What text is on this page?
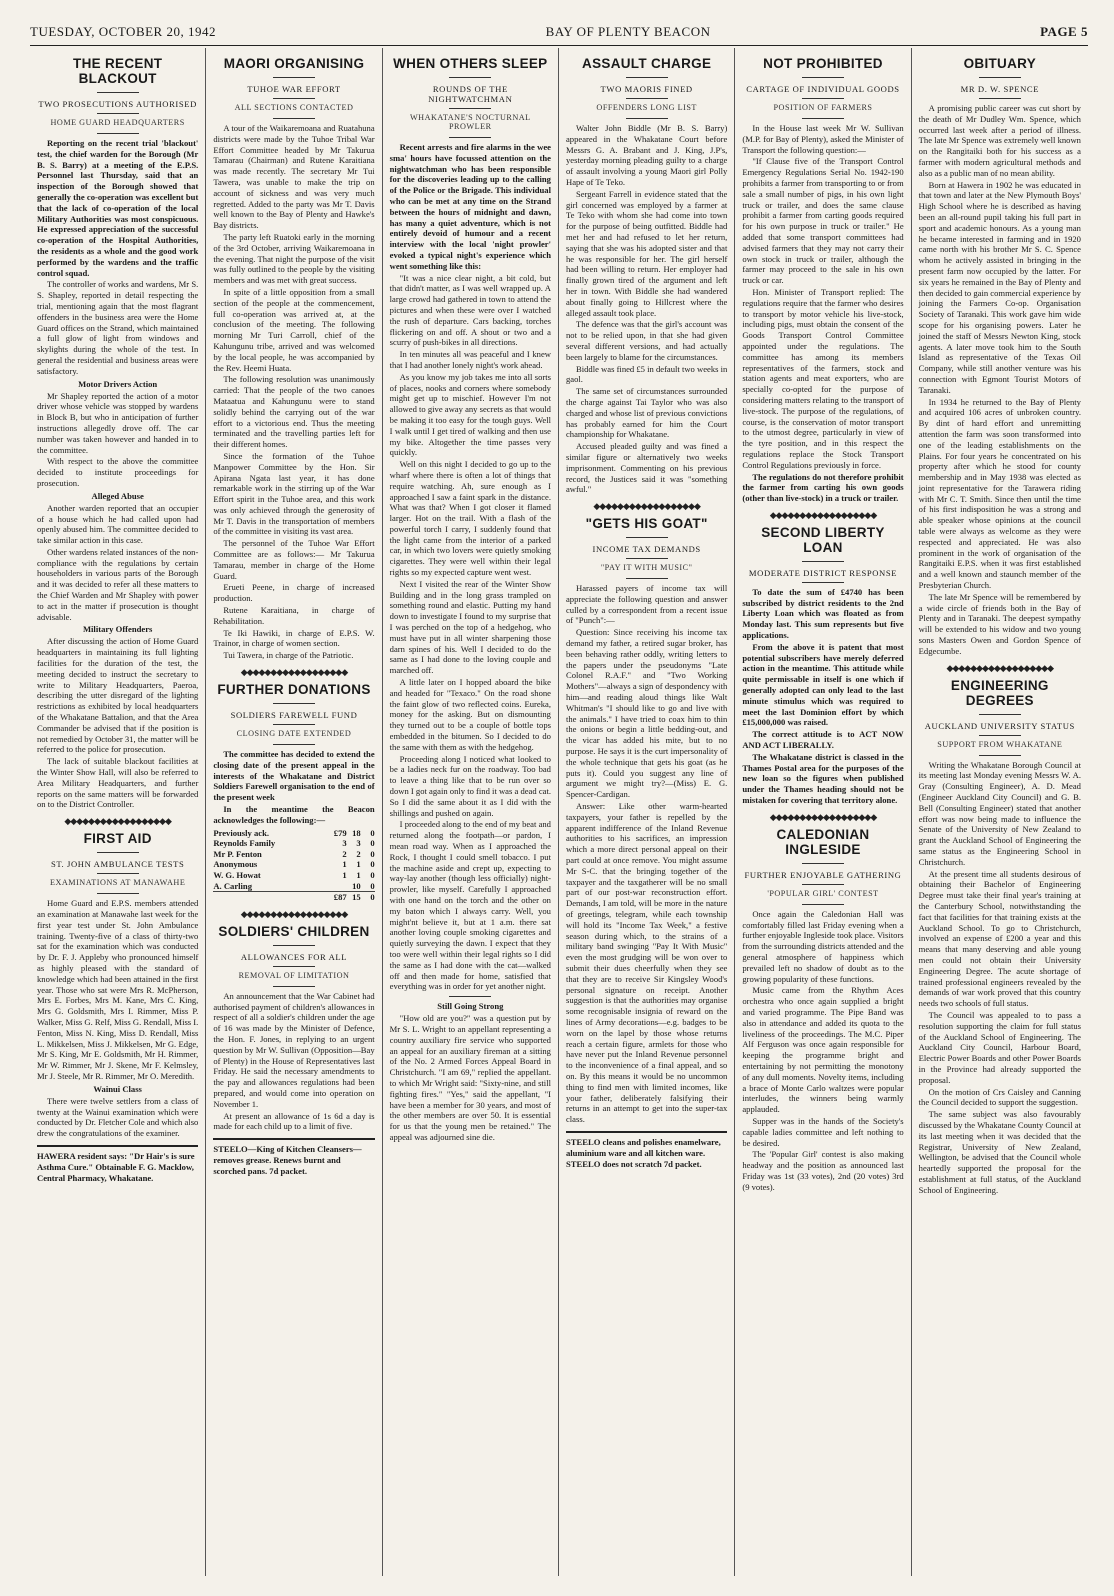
TUESDAY, OCTOBER 20, 1942	BAY OF PLENTY BEACON	PAGE 5
THE RECENT BLACKOUT
TWO PROSECUTIONS AUTHORISED
HOME GUARD HEADQUARTERS

Reporting on the recent trial 'blackout' test, the chief warden for the Borough (Mr B. S. Barry) at a meeting of the E.P.S. Personnel last Thursday, said that an inspection of the Borough showed that generally the co-operation was excellent but that the lack of co-operation of the local Military Authorities was most conspicuous. He expressed appreciation of the successful co-operation of the Hospital Authorities, the residents as a whole and the good work performed by the wardens and the traffic control squad.

The controller of works and wardens, Mr S. S. Shapley, reported in detail respecting the trial, mentioning again that the most flagrant offenders in the business area were the Home Guard offices on the Strand, which maintained a full glow of light from windows and skylights during the whole of the test. In general the residential and business areas were satisfactory.

Motor Drivers Action

Mr Shapley reported the action of a motor driver whose vehicle was stopped by wardens in Block B, but who in anticipation of further instructions allegedly drove off. The car number was taken however and handed in to the committee.

With respect to the above the committee decided to institute proceedings for prosecution.

Alleged Abuse

Another warden reported that an occupier of a house which he had called upon had openly abused him. The committee decided to take similar action in this case.

Other wardens related instances of the non-compliance with the regulations by certain householders in various parts of the Borough and it was decided to refer all these matters to the Chief Warden and Mr Shapley with power to act in the matter if prosecution is thought advisable.

Military Offenders

After discussing the action of Home Guard headquarters in maintaining its full lighting facilities for the duration of the test, the meeting decided to instruct the secretary to write to Military Headquarters, Paeroa, describing the utter disregard of the lighting restrictions as exhibited by local headquarters of the Whakatane Battalion, and that the Area Commander be advised that if the position is not remedied by October 31, the matter will be referred to the police for prosecution.

The lack of suitable blackout facilities at the Winter Show Hall, will also be referred to Area Military Headquarters, and further reports on the same matters will be forwarded on to the District Controller.

◆◆◆◆◆◆◆◆◆◆◆◆◆◆◆◆◆◆
FIRST AID
ST. JOHN AMBULANCE TESTS
EXAMINATIONS AT MANAWAHE

Home Guard and E.P.S. members attended an examination at Manawahe last week for the first year test under St. John Ambulance training. Twenty-five of a class of thirty-two sat for the examination which was conducted by Dr. F. J. Appleby who pronounced himself as highly pleased with the standard of knowledge which had been attained in the first year. Those who sat were Mrs R. McPherson, Mrs E. Forbes, Mrs M. Kane, Mrs C. King, Mrs G. Goldsmith, Mrs I. Rimmer, Miss P. Walker, Miss G. Relf, Miss G. Rendall, Miss I. Fenton, Miss N. King, Miss D. Rendall, Miss L. Mikkelsen, Miss J. Mikkelsen, Mr G. Edge, Mr S. King, Mr E. Goldsmith, Mr H. Rimmer, Mr W. Rimmer, Mr J. Skene, Mr F. Kelmsley, Mr J. Steele, Mr R. Rimmer, Mr O. Meredith.

Wainui Class

There were twelve settlers from a class of twenty at the Wainui examination which were conducted by Dr. Fletcher Cole and which also drew the congratulations of the examiner.

HAWERA resident says: "Dr Hair's is sure Asthma Cure." Obtainable F. G. Macklow, Central Pharmacy, Whakatane.
MAORI ORGANISING
TUHOE WAR EFFORT
ALL SECTIONS CONTACTED

A tour of the Waikaremoana and Ruatahuna districts were made by the Tuhoe Tribal War Effort Committee headed by Mr Takurua Tamarau (Chairman) and Rutene Karaitiana was made recently. The secretary Mr Tui Tawera, was unable to make the trip on account of sickness and was very much regretted. Added to the party was Mr T. Davis well known to the Bay of Plenty and Hawke's Bay districts.

The party left Ruatoki early in the morning of the 3rd October, arriving Waikaremoana in the evening. That night the purpose of the visit was fully outlined to the people by the visiting members and was met with great success.

In spite of a little opposition from a small section of the people at the commencement, full co-operation was arrived at, at the conclusion of the meeting. The following morning Mr Turi Carroll, chief of the Kahungunu tribe, arrived and was welcomed by the local people, he was accompanied by the Rev. Heemi Huata.

The following resolution was unanimously carried: That the people of the two canoes Mataatua and Kahungunu were to stand solidly behind the carrying out of the war effort to a victorious end. Thus the meeting terminated and the travelling parties left for their different homes.

Since the formation of the Tuhoe Manpower Committee by the Hon. Sir Apirana Ngata last year, it has done remarkable work in the stirring up of the War Effort spirit in the Tuhoe area, and this work was only achieved through the generosity of Mr T. Davis in the transportation of members of the committee in visiting its vast area.

The personnel of the Tuhoe War Effort Committee are as follows:— Mr Takurua Tamarau, member in charge of the Home Guard.

Erueti Peene, in charge of increased production.

Rutene Karaitiana, in charge of Rehabilitation.

Te Iki Hawiki, in charge of E.P.S. W. Trainor, in charge of women section.

Tui Tawera, in charge of the Patriotic.

◆◆◆◆◆◆◆◆◆◆◆◆◆◆◆◆◆◆
FURTHER DONATIONS
SOLDIERS FAREWELL FUND
CLOSING DATE EXTENDED

The committee has decided to extend the closing date of the present appeal in the interests of the Whakatane and District Soldiers Farewell organisation to the end of the present week

In the meantime the Beacon acknowledges the following:—

Previously ack.	£79	18	0
Reynolds Family	3	3	0
Mr P. Fenton	2	2	0
Anonymous	1	1	0
W. G. Howat	1	1	0
A. Carling		10	0
	£87	15	0
◆◆◆◆◆◆◆◆◆◆◆◆◆◆◆◆◆◆
SOLDIERS' CHILDREN
ALLOWANCES FOR ALL
REMOVAL OF LIMITATION

An announcement that the War Cabinet had authorised payment of children's allowances in respect of all a soldier's children under the age of 16 was made by the Minister of Defence, the Hon. F. Jones, in replying to an urgent question by Mr W. Sullivan (Opposition—Bay of Plenty) in the House of Representatives last Friday. He said the necessary amendments to the pay and allowances regulations had been prepared, and would come into operation on November 1.

At present an allowance of 1s 6d a day is made for each child up to a limit of five.

STEELO—King of Kitchen Cleansers—removes grease. Renews burnt and scorched pans. 7d packet.
WHEN OTHERS SLEEP
ROUNDS OF THE NIGHTWATCHMAN
WHAKATANE'S NOCTURNAL PROWLER

Recent arrests and fire alarms in the wee sma' hours have focussed attention on the nightwatchman who has been responsible for the discoveries leading up to the calling of the Police or the Brigade. This individual who can be met at any time on the Strand between the hours of midnight and dawn, has many a quiet adventure, which is not entirely devoid of humour and a recent interview with the local 'night prowler' evoked a typical night's experience which went something like this:

"It was a nice clear night, a bit cold, but that didn't matter, as I was well wrapped up. A large crowd had gathered in town to attend the pictures and when these were over I watched the rush of departure. Cars backing, torches flickering on and off. A shout or two and a scurry of push-bikes in all directions.

In ten minutes all was peaceful and I knew that I had another lonely night's work ahead.

As you know my job takes me into all sorts of places, nooks and corners where somebody might get up to mischief. However I'm not allowed to give away any secrets as that would be making it too easy for the tough guys. Well I walk until I get tired of walking and then use my bike. Altogether the time passes very quickly.

Well on this night I decided to go up to the wharf where there is often a lot of things that require watching. Ah, sure enough as I approached I saw a faint spark in the distance. What was that? When I got closer it flamed larger. Hot on the trail. With a flash of the powerful torch I carry, I suddenly found that the light came from the interior of a parked car, in which two lovers were quietly smoking cigarettes. They were well within their legal rights so my expected capture went west.

Next I visited the rear of the Winter Show Building and in the long grass trampled on something round and elastic. Putting my hand down to investigate I found to my surprise that I was perched on the top of a hedgehog, who must have put in all winter sharpening those darn spines of his. Well I decided to do the same as I had done to the loving couple and marched off.

A little later on I hopped aboard the bike and headed for "Texaco." On the road shone the faint glow of two reflected coins. Eureka, money for the asking. But on dismounting they turned out to be a couple of bottle tops embedded in the bitumen. So I decided to do the same with them as with the hedgehog.

Proceeding along I noticed what looked to be a ladies neck fur on the roadway. Too bad to leave a thing like that to be run over so down I got again only to find it was a dead cat. So I did the same about it as I did with the shillings and pushed on again.

I proceeded along to the end of my beat and returned along the footpath—or pardon, I mean road way. When as I approached the Rock, I thought I could smell tobacco. I put the machine aside and crept up, expecting to way-lay another (though less officially) night-prowler, like myself. Carefully I approached with one hand on the torch and the other on my baton which I always carry. Well, you might'nt believe it, but at 1 a.m. there sat another loving couple smoking cigarettes and quietly surveying the dawn. I expect that they too were well within their legal rights so I did the same as I had done with the cat—walked off and then made for home, satisfied that everything was in order for yet another night.

Still Going Strong

"How old are you?" was a question put by Mr S. L. Wright to an appellant representing a country auxiliary fire service who supported an appeal for an auxiliary fireman at a sitting of the No. 2 Armed Forces Appeal Board in Christchurch. "I am 69," replied the appellant. to which Mr Wright said: "Sixty-nine, and still fighting fires." "Yes," said the appellant, "I have been a member for 30 years, and most of the other members are over 50. It is essential for us that the young men be retained." The appeal was adjourned sine die.

ASSAULT CHARGE
TWO MAORIS FINED
OFFENDERS LONG LIST

Walter John Biddle (Mr B. S. Barry) appeared in the Whakatane Court before Messrs G. A. Brabant and J. King, J.P's, yesterday morning pleading guilty to a charge of assault involving a young Maori girl Polly Hape of Te Teko.

Sergeant Farrell in evidence stated that the girl concerned was employed by a farmer at Te Teko with whom she had come into town for the purpose of being outfitted. Biddle had met her and had refused to let her return, saying that she was his adopted sister and that he was responsible for her. The girl herself had been willing to return. Her employer had finally grown tired of the argument and left her in town. With Biddle she had wandered about finally going to Hillcrest where the alleged assault took place.

The defence was that the girl's account was not to be relied upon, in that she had given several different versions, and had actually been largely to blame for the circumstances.

Biddle was fined £5 in default two weeks in gaol.

The same set of circumstances surrounded the charge against Tai Taylor who was also charged and whose list of previous convictions has probably earned for him the Court championship for Whakatane.

Accused pleaded guilty and was fined a similar figure or alternatively two weeks imprisonment. Commenting on his previous record, the Justices said it was "something awful."

◆◆◆◆◆◆◆◆◆◆◆◆◆◆◆◆◆◆
"GETS HIS GOAT"
INCOME TAX DEMANDS
"PAY IT WITH MUSIC"

Harassed payers of income tax will appreciate the following question and answer culled by a correspondent from a recent issue of "Punch":—

Question: Since receiving his income tax demand my father, a retired sugar broker, has been behaving rather oddly, writing letters to the papers under the pseudonyms "Late Colonel R.A.F." and "Two Working Mothers"—always a sign of despondency with him—and reading aloud things like Walt Whitman's "I should like to go and live with the animals." I have tried to coax him to thin the onions or begin a little bedding-out, and the vicar has added his mite, but to no purpose. He says it is the curt impersonality of the whole technique that gets his goat (as he puts it). Could you suggest any line of argument we might try?—(Miss) E. G. Spencer-Cardigan.

Answer: Like other warm-hearted taxpayers, your father is repelled by the apparent indifference of the Inland Revenue authorities to his sacrifices, an impression which a more direct personal appeal on their part could at once remove. You might assume Mr S-C. that the bringing together of the taxpayer and the taxgatherer will be no small part of our post-war reconstruction effort. Demands, I am told, will be more in the nature of greetings, telegram, while each township will hold its "Income Tax Week," a festive season during which, to the strains of a military band swinging "Pay It With Music" even the most grudging will be won over to submit their dues cheerfully when they see that they are to receive Sir Kingsley Wood's personal signature on receipt. Another suggestion is that the authorities may organise some recognisable insignia of reward on the lines of Army decorations—e.g. badges to be worn on the lapel by those whose returns reach a certain figure, armlets for those who have never put the Inland Revenue personnel to the inconvenience of a final appeal, and so on. By this means it would be no uncommon thing to find men with limited incomes, like your father, deliberately falsifying their returns in an attempt to get into the super-tax class.

STEELO cleans and polishes enamelware, aluminium ware and all kitchen ware. STEELO does not scratch 7d packet.
NOT PROHIBITED
CARTAGE OF INDIVIDUAL GOODS
POSITION OF FARMERS

In the House last week Mr W. Sullivan (M.P. for Bay of Plenty), asked the Minister of Transport the following question:—

"If Clause five of the Transport Control Emergency Regulations Serial No. 1942-190 prohibits a farmer from transporting to or from sale a small number of pigs, in his own light truck or trailer, and does the same clause prohibit a farmer from carting goods required for his own purpose in truck or trailer." He added that some transport committees had advised farmers that they may not carry their own stock in truck or trailer, although the farmer may proceed to the sale in his own truck or car.

Hon. Minister of Transport replied: The regulations require that the farmer who desires to transport by motor vehicle his live-stock, including pigs, must obtain the consent of the Goods Transport Control Committee appointed under the regulations. The committee has among its members representatives of the farmers, stock and station agents and meat exporters, who are specially co-opted for the purpose of considering matters relating to the transport of live-stock. The purpose of the regulations, of course, is the conservation of motor transport to the utmost degree, particularly in view of the tyre position, and in this respect the regulations replace the Stock Transport Control Regulations previously in force.

The regulations do not therefore prohibit the farmer from carting his own goods (other than live-stock) in a truck or trailer.

◆◆◆◆◆◆◆◆◆◆◆◆◆◆◆◆◆◆
SECOND LIBERTY LOAN
MODERATE DISTRICT RESPONSE

To date the sum of £4740 has been subscribed by district residents to the 2nd Liberty Loan which was floated as from Monday last. This sum represents but five applications.

From the above it is patent that most potential subscribers have merely deferred action in the meantime. This attitude while quite permissable in itself is one which if generally adopted can only lead to the last minute stimulus which was required to meet the last Dominion effort by which £15,000,000 was raised.

The correct attitude is to ACT NOW AND ACT LIBERALLY.

The Whakatane district is classed in the Thames Postal area for the purposes of the new loan so the figures when published under the Thames heading should not be mistaken for covering that territory alone.

◆◆◆◆◆◆◆◆◆◆◆◆◆◆◆◆◆◆
CALEDONIAN INGLESIDE
FURTHER ENJOYABLE GATHERING
'POPULAR GIRL' CONTEST

Once again the Caledonian Hall was comfortably filled last Friday evening when a further enjoyable Ingleside took place. Visitors from the surrounding districts attended and the general atmosphere of happiness which prevailed left no shadow of doubt as to the growing popularity of these functions.

Music came from the Rhythm Aces orchestra who once again supplied a bright and varied programme. The Pipe Band was also in attendance and added its quota to the liveliness of the proceedings. The M.C. Piper Alf Ferguson was once again responsible for keeping the programme bright and entertaining by not permitting the monotony of any dull moments. Novelty items, including a brace of Monte Carlo waltzes were popular interludes, the winners being warmly applauded.

Supper was in the hands of the Society's capable ladies committee and left nothing to be desired.

The 'Popular Girl' contest is also making headway and the position as announced last Friday was 1st (33 votes), 2nd (20 votes) 3rd (9 votes).

OBITUARY
MR D. W. SPENCE

A promising public career was cut short by the death of Mr Dudley Wm. Spence, which occurred last week after a period of illness. The late Mr Spence was extremely well known on the Rangitaiki both for his success as a farmer with modern agricultural methods and also as a public man of no mean ability.

Born at Hawera in 1902 he was educated in that town and later at the New Plymouth Boys' High School where he is described as having been an all-round pupil taking his full part in sport and academic honours. As a young man he became interested in farming and in 1920 came north with his brother Mr S. C. Spence whom he actively assisted in bringing in the present farm now occupied by the latter. For six years he remained in the Bay of Plenty and then decided to gain commercial experience by joining the Farmers Co-op. Organisation Society of Taranaki. This work gave him wide scope for his organising powers. Later he joined the staff of Messrs Newton King, stock agents. A later move took him to the South Island as representative of the Texas Oil Company, while still another venture was his connection with Egmont Tourist Motors of Taranaki.

In 1934 he returned to the Bay of Plenty and acquired 106 acres of unbroken country. By dint of hard effort and unremitting attention the farm was soon transformed into one of the leading establishments on the Plains. For four years he concentrated on his property after which he stood for county membership and in May 1938 was elected as joint representative for the Tarawera riding with Mr C. T. Smith. Since then until the time of his first indisposition he was a strong and able speaker whose opinions at the council table were always as welcome as they were respected and appreciated. He was also prominent in the work of organisation of the Rangitaiki E.P.S. when it was first established and a well known and staunch member of the Presbyterian Church.

The late Mr Spence will be remembered by a wide circle of friends both in the Bay of Plenty and in Taranaki. The deepest sympathy will be extended to his widow and two young sons Masters Owen and Gordon Spence of Edgecumbe.

◆◆◆◆◆◆◆◆◆◆◆◆◆◆◆◆◆◆
ENGINEERING DEGREES
AUCKLAND UNIVERSITY STATUS
SUPPORT FROM WHAKATANE

Writing the Whakatane Borough Council at its meeting last Monday evening Messrs W. A. Gray (Consulting Engineer), A. D. Mead (Engineer Auckland City Council) and G. B. Bell (Consulting Engineer) stated that another effort was now being made to influence the Senate of the University of New Zealand to grant the Auckland School of Engineering the same status as the Engineering School in Christchurch.

At the present time all students desirous of obtaining their Bachelor of Engineering Degree must take their final year's training at the Canterbury School, notwithstanding the fact that facilities for that training exists at the Auckland School. To go to Christchurch, involved an expense of £200 a year and this means that many deserving and able young men could not obtain their University Engineering Degree. The acute shortage of trained professional engineers revealed by the demands of war work proved that this country needs two schools of full status.

The Council was appealed to to pass a resolution supporting the claim for full status of the Auckland School of Engineering. The Auckland City Council, Harbour Board, Electric Power Boards and other Power Boards in the Province had already supported the proposal.

On the motion of Crs Caisley and Canning the Council decided to support the suggestion.

The same subject was also favourably discussed by the Whakatane County Council at its last meeting when it was decided that the Registrar, University of New Zealand, Wellington, be advised that the Council whole heartedly supported the proposal for the establishment at full status, of the Auckland School of Engineering.
